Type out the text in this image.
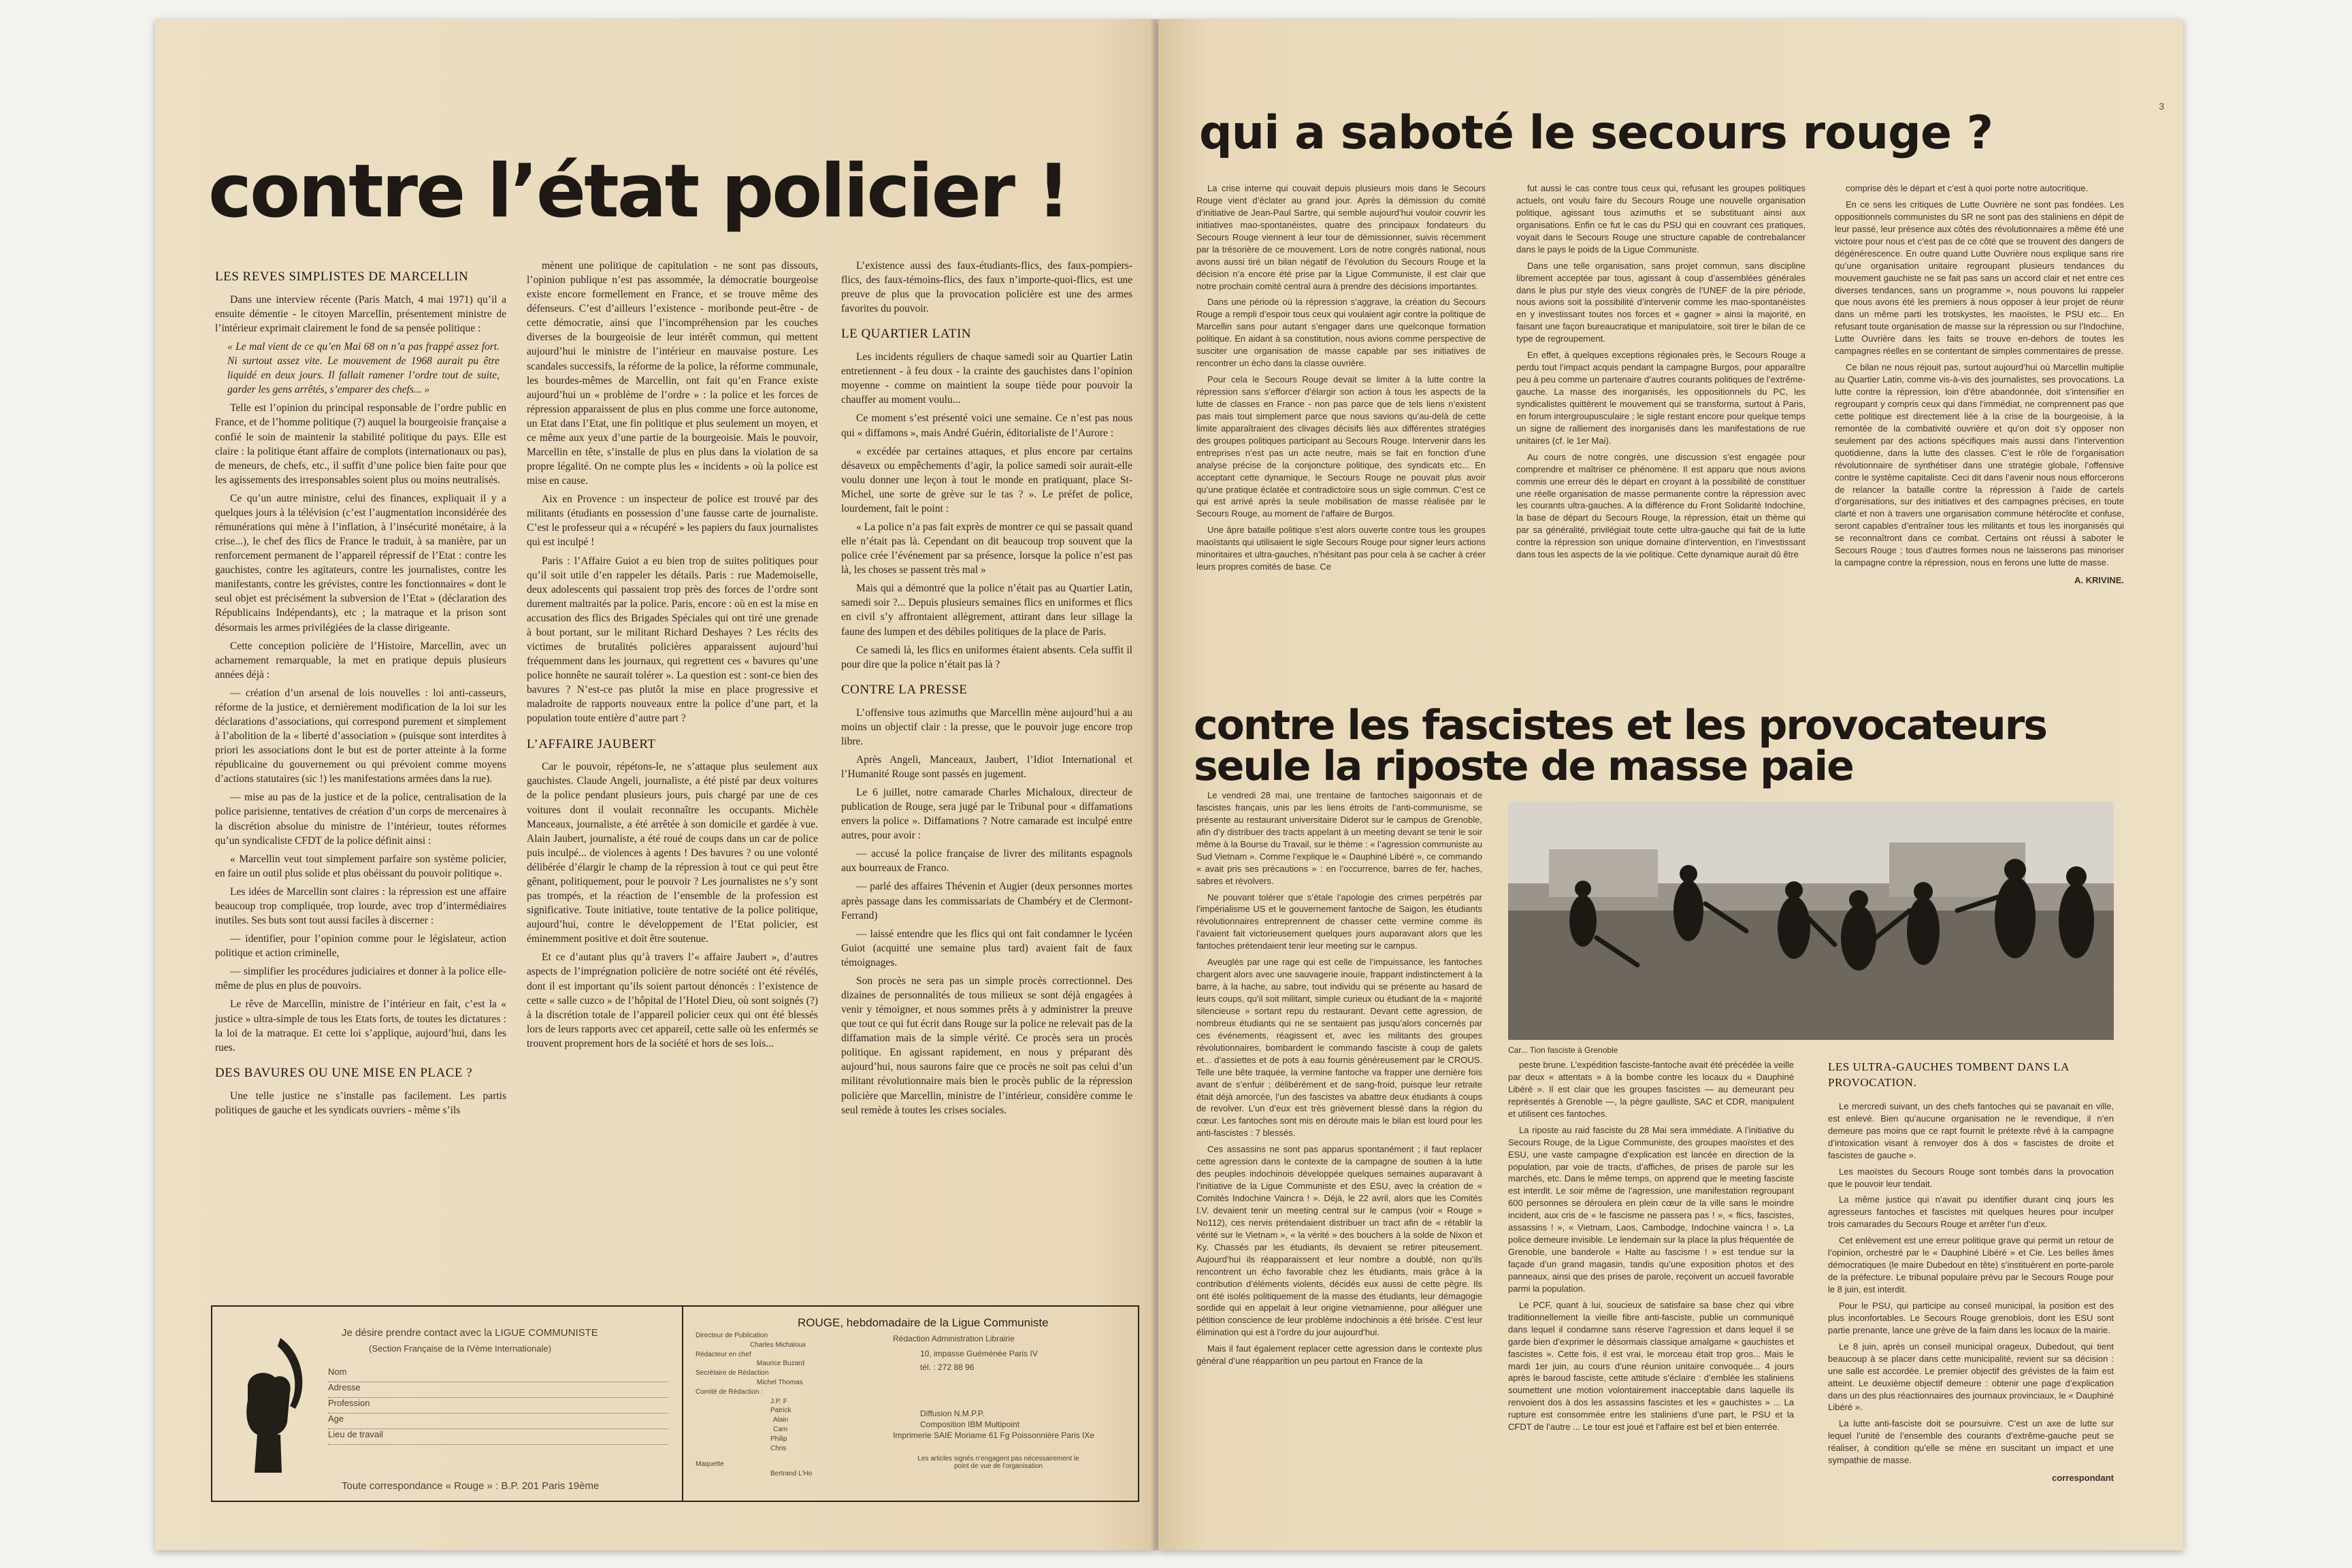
contre l’état policier !
LES REVES SIMPLISTES DE MARCELLIN

Dans une interview récente (Paris Match, 4 mai 1971) qu’il a ensuite démentie - le citoyen Marcellin, présentement ministre de l’intérieur exprimait clairement le fond de sa pensée politique :

« Le mal vient de ce qu’en Mai 68 on n’a pas frappé assez fort. Ni surtout assez vite. Le mouvement de 1968 aurait pu être liquidé en deux jours. Il fallait ramener l’ordre tout de suite, garder les gens arrêtés, s’emparer des chefs... »

Telle est l’opinion du principal responsable de l’ordre public en France, et de l’homme politique (?) auquel la bourgeoisie française a confié le soin de maintenir la stabilité politique du pays. Elle est claire : la politique étant affaire de complots (internationaux ou pas), de meneurs, de chefs, etc., il suffit d’une police bien faite pour que les agissements des irresponsables soient plus ou moins neutralisés.

Ce qu’un autre ministre, celui des finances, expliquait il y a quelques jours à la télévision (c’est l’augmentation inconsidérée des rémunérations qui mène à l’inflation, à l’insécurité monétaire, à la crise...), le chef des flics de France le traduit, à sa manière, par un renforcement permanent de l’appareil répressif de l’Etat : contre les gauchistes, contre les agitateurs, contre les journalistes, contre les manifestants, contre les grévistes, contre les fonctionnaires « dont le seul objet est précisément la subversion de l’Etat » (déclaration des Républicains Indépendants), etc ; la matraque et la prison sont désormais les armes privilégiées de la classe dirigeante.

Cette conception policière de l’Histoire, Marcellin, avec un acharnement remarquable, la met en pratique depuis plusieurs années déjà :

— création d’un arsenal de lois nouvelles : loi anti-casseurs, réforme de la justice, et dernièrement modification de la loi sur les déclarations d’associations, qui correspond purement et simplement à l’abolition de la « liberté d’association » (puisque sont interdites à priori les associations dont le but est de porter atteinte à la forme républicaine du gouvernement ou qui prévoient comme moyens d’actions statutaires (sic !) les manifestations armées dans la rue).

— mise au pas de la justice et de la police, centralisation de la police parisienne, tentatives de création d’un corps de mercenaires à la discrétion absolue du ministre de l’intérieur, toutes réformes qu’un syndicaliste CFDT de la police définit ainsi :

« Marcellin veut tout simplement parfaire son système policier, en faire un outil plus solide et plus obéissant du pouvoir politique ».

Les idées de Marcellin sont claires : la répression est une affaire beaucoup trop compliquée, trop lourde, avec trop d’intermédiaires inutiles. Ses buts sont tout aussi faciles à discerner :

— identifier, pour l’opinion comme pour le législateur, action politique et action criminelle,

— simplifier les procédures judiciaires et donner à la police elle-même de plus en plus de pouvoirs.

Le rêve de Marcellin, ministre de l’intérieur en fait, c’est la « justice » ultra-simple de tous les Etats forts, de toutes les dictatures : la loi de la matraque. Et cette loi s’applique, aujourd’hui, dans les rues.

DES BAVURES OU UNE MISE EN PLACE ?

Une telle justice ne s’installe pas facilement. Les partis politiques de gauche et les syndicats ouvriers - même s’ils

mènent une politique de capitulation - ne sont pas dissouts, l’opinion publique n’est pas assommée, la démocratie bourgeoise existe encore formellement en France, et se trouve même des défenseurs. C’est d’ailleurs l’existence - moribonde peut-être - de cette démocratie, ainsi que l’incompréhension par les couches diverses de la bourgeoisie de leur intérêt commun, qui mettent aujourd’hui le ministre de l’intérieur en mauvaise posture. Les scandales successifs, la réforme de la police, la réforme communale, les bourdes-mêmes de Marcellin, ont fait qu’en France existe aujourd’hui un « problème de l’ordre » : la police et les forces de répression apparaissent de plus en plus comme une force autonome, un Etat dans l’Etat, une fin politique et plus seulement un moyen, et ce même aux yeux d’une partie de la bourgeoisie. Mais le pouvoir, Marcellin en tête, s’installe de plus en plus dans la violation de sa propre légalité. On ne compte plus les « incidents » où la police est mise en cause.

Aix en Provence : un inspecteur de police est trouvé par des militants (étudiants en possession d’une fausse carte de journaliste. C’est le professeur qui a « récupéré » les papiers du faux journalistes qui est inculpé !

Paris : l’Affaire Guiot a eu bien trop de suites politiques pour qu’il soit utile d’en rappeler les détails. Paris : rue Mademoiselle, deux adolescents qui passaient trop près des forces de l’ordre sont durement maltraités par la police. Paris, encore : où en est la mise en accusation des flics des Brigades Spéciales qui ont tiré une grenade à bout portant, sur le militant Richard Deshayes ? Les récits des victimes de brutalités policières apparaissent aujourd’hui fréquemment dans les journaux, qui regrettent ces « bavures qu’une police honnête ne saurait tolérer ». La question est : sont-ce bien des bavures ? N’est-ce pas plutôt la mise en place progressive et maladroite de rapports nouveaux entre la police d’une part, et la population toute entière d’autre part ?

L’AFFAIRE JAUBERT

Car le pouvoir, répétons-le, ne s’attaque plus seulement aux gauchistes. Claude Angeli, journaliste, a été pisté par deux voitures de la police pendant plusieurs jours, puis chargé par une de ces voitures dont il voulait reconnaître les occupants. Michèle Manceaux, journaliste, a été arrêtée à son domicile et gardée à vue. Alain Jaubert, journaliste, a été roué de coups dans un car de police puis inculpé... de violences à agents ! Des bavures ? ou une volonté délibérée d’élargir le champ de la répression à tout ce qui peut être gênant, politiquement, pour le pouvoir ? Les journalistes ne s’y sont pas trompés, et la réaction de l’ensemble de la profession est significative. Toute initiative, toute tentative de la police politique, aujourd’hui, contre le développement de l’Etat policier, est éminemment positive et doit être soutenue.

Et ce d’autant plus qu’à travers l’« affaire Jaubert », d’autres aspects de l’imprégnation policière de notre société ont été révélés, dont il est important qu’ils soient partout dénoncés : l’existence de cette « salle cuzco » de l’hôpital de l’Hotel Dieu, où sont soignés (?) à la discrétion totale de l’appareil policier ceux qui ont été blessés lors de leurs rapports avec cet appareil, cette salle où les enfermés se trouvent proprement hors de la société et hors de ses lois...

L’existence aussi des faux-étudiants-flics, des faux-pompiers-flics, des faux-témoins-flics, des faux n’importe-quoi-flics, est une preuve de plus que la provocation policière est une des armes favorites du pouvoir.

LE QUARTIER LATIN

Les incidents réguliers de chaque samedi soir au Quartier Latin entretiennent - à feu doux - la crainte des gauchistes dans l’opinion moyenne - comme on maintient la soupe tiède pour pouvoir la chauffer au moment voulu...

Ce moment s’est présenté voici une semaine. Ce n’est pas nous qui « diffamons », mais André Guérin, éditorialiste de l’Aurore :

« excédée par certaines attaques, et plus encore par certains désaveux ou empêchements d’agir, la police samedi soir aurait-elle voulu donner une leçon à tout le monde en pratiquant, place St-Michel, une sorte de grève sur le tas ? ». Le préfet de police, lourdement, fait le point :

« La police n’a pas fait exprès de montrer ce qui se passait quand elle n’était pas là. Cependant on dit beaucoup trop souvent que la police crée l’événement par sa présence, lorsque la police n’est pas là, les choses se passent très mal »

Mais qui a démontré que la police n’était pas au Quartier Latin, samedi soir ?... Depuis plusieurs semaines flics en uniformes et flics en civil s’y affrontaient allègrement, attirant dans leur sillage la faune des lumpen et des débiles politiques de la place de Paris.

Ce samedi là, les flics en uniformes étaient absents. Cela suffit il pour dire que la police n’était pas là ?

CONTRE LA PRESSE

L’offensive tous azimuths que Marcellin mène aujourd’hui a au moins un objectif clair : la presse, que le pouvoir juge encore trop libre.

Après Angeli, Manceaux, Jaubert, l’Idiot International et l’Humanité Rouge sont passés en jugement.

Le 6 juillet, notre camarade Charles Michaloux, directeur de publication de Rouge, sera jugé par le Tribunal pour « diffamations envers la police ». Diffamations ? Notre camarade est inculpé entre autres, pour avoir :

— accusé la police française de livrer des militants espagnols aux bourreaux de Franco.

— parlé des affaires Thévenin et Augier (deux personnes mortes après passage dans les commissariats de Chambéry et de Clermont-Ferrand)

— laissé entendre que les flics qui ont fait condamner le lycéen Guiot (acquitté une semaine plus tard) avaient fait de faux témoignages.

Son procès ne sera pas un simple procès correctionnel. Des dizaines de personnalités de tous milieux se sont déjà engagées à venir y témoigner, et nous sommes prêts à y administrer la preuve que tout ce qui fut écrit dans Rouge sur la police ne relevait pas de la diffamation mais de la simple vérité. Ce procès sera un procès politique. En agissant rapidement, en nous y préparant dès aujourd’hui, nous saurons faire que ce procès ne soit pas celui d’un militant révolutionnaire mais bien le procès public de la répression policière que Marcellin, ministre de l’intérieur, considère comme le seul remède à toutes les crises sociales.

Je désire prendre contact avec la LIGUE COMMUNISTE
(Section Française de la IVème Internationale)
Nom
Adresse
Profession
Age
Lieu de travail
Toute correspondance « Rouge » : B.P. 201 Paris 19ème
ROUGE, hebdomadaire de la Ligue Communiste
Directeur de Publication
Charles Michaloux
Rédacteur en chef
Maurice Buzard
Secrétaire de Rédaction
Michel Thomas
Comité de Rédaction :
J.P. F
Patrick
Alain
Cam
Philip
Chris
Maquette
Bertrand L’Ho
Rédaction Administration Librairie
10, impasse Guéménée Paris IV
tél. : 272 88 96
Diffusion N.M.P.P.
Composition IBM Multipoint
Imprimerie SAIE Moriame 61 Fg Poissonnière Paris IXe
Les articles signés n’engagent pas nécessairement le point de vue de l’organisation
3
qui a saboté le secours rouge ?

La crise interne qui couvait depuis plusieurs mois dans le Secours Rouge vient d’éclater au grand jour. Après la démission du comité d’initiative de Jean-Paul Sartre, qui semble aujourd’hui vouloir couvrir les initiatives mao-spontanéistes, quatre des principaux fondateurs du Secours Rouge viennent à leur tour de démissionner, suivis récemment par la trésorière de ce mouvement. Lors de notre congrès national, nous avons aussi tiré un bilan négatif de l’évolution du Secours Rouge et la décision n’a encore été prise par la Ligue Communiste, il est clair que notre prochain comité central aura à prendre des décisions importantes.

Dans une période où la répression s’aggrave, la création du Secours Rouge a rempli d’espoir tous ceux qui voulaient agir contre la politique de Marcellin sans pour autant s’engager dans une quelconque formation politique. En aidant à sa constitution, nous avions comme perspective de susciter une organisation de masse capable par ses initiatives de rencontrer un écho dans la classe ouvrière.

Pour cela le Secours Rouge devait se limiter à la lutte contre la répression sans s’efforcer d’élargir son action à tous les aspects de la lutte de classes en France - non pas parce que de tels liens n’existent pas mais tout simplement parce que nous savions qu’au-delà de cette limite apparaîtraient des clivages décisifs liés aux différentes stratégies des groupes politiques participant au Secours Rouge. Intervenir dans les entreprises n’est pas un acte neutre, mais se fait en fonction d’une analyse précise de la conjoncture politique, des syndicats etc... En acceptant cette dynamique, le Secours Rouge ne pouvait plus avoir qu’une pratique éclatée et contradictoire sous un sigle commun. C’est ce qui est arrivé après la seule mobilisation de masse réalisée par le Secours Rouge, au moment de l’affaire de Burgos.

Une âpre bataille politique s’est alors ouverte contre tous les groupes maoïstants qui utilisaient le sigle Secours Rouge pour signer leurs actions minoritaires et ultra-gauches, n’hésitant pas pour cela à se cacher à créer leurs propres comités de base. Ce

fut aussi le cas contre tous ceux qui, refusant les groupes politiques actuels, ont voulu faire du Secours Rouge une nouvelle organisation politique, agissant tous azimuths et se substituant ainsi aux organisations. Enfin ce fut le cas du PSU qui en couvrant ces pratiques, voyait dans le Secours Rouge une structure capable de contrebalancer dans le pays le poids de la Ligue Communiste.

Dans une telle organisation, sans projet commun, sans discipline librement acceptée par tous, agissant à coup d’assemblées générales dans le plus pur style des vieux congrès de l’UNEF de la pire période, nous avions soit la possibilité d’intervenir comme les mao-spontanéistes en y investissant toutes nos forces et « gagner » ainsi la majorité, en faisant une façon bureaucratique et manipulatoire, soit tirer le bilan de ce type de regroupement.

En effet, à quelques exceptions régionales près, le Secours Rouge a perdu tout l’impact acquis pendant la campagne Burgos, pour apparaître peu à peu comme un partenaire d’autres courants politiques de l’extrême-gauche. La masse des inorganisés, les oppositionnels du PC, les syndicalistes quittèrent le mouvement qui se transforma, surtout à Paris, en forum intergroupusculaire ; le sigle restant encore pour quelque temps un signe de ralliement des inorganisés dans les manifestations de rue unitaires (cf. le 1er Mai).

Au cours de notre congrès, une discussion s’est engagée pour comprendre et maîtriser ce phénomène. Il est apparu que nous avions commis une erreur dès le départ en croyant à la possibilité de constituer une réelle organisation de masse permanente contre la répression avec les courants ultra-gauches. A la différence du Front Solidarité Indochine, la base de départ du Secours Rouge, la répression, était un thème qui par sa généralité, privilégiait toute cette ultra-gauche qui fait de la lutte contre la répression son unique domaine d’intervention, en l’investissant dans tous les aspects de la vie politique. Cette dynamique aurait dû être

comprise dès le départ et c’est à quoi porte notre autocritique.

En ce sens les critiques de Lutte Ouvrière ne sont pas fondées. Les oppositionnels communistes du SR ne sont pas des staliniens en dépit de leur passé, leur présence aux côtés des révolutionnaires a même été une victoire pour nous et c’est pas de ce côté que se trouvent des dangers de dégénérescence. En outre quand Lutte Ouvrière nous explique sans rire qu’une organisation unitaire regroupant plusieurs tendances du mouvement gauchiste ne se fait pas sans un accord clair et net entre ces diverses tendances, sans un programme », nous pouvons lui rappeler que nous avons été les premiers à nous opposer à leur projet de réunir dans un même parti les trotskystes, les maoïstes, le PSU etc... En refusant toute organisation de masse sur la répression ou sur l’Indochine, Lutte Ouvrière dans les faits se trouve en-dehors de toutes les campagnes réelles en se contentant de simples commentaires de presse.

Ce bilan ne nous réjouit pas, surtout aujourd’hui où Marcellin multiplie au Quartier Latin, comme vis-à-vis des journalistes, ses provocations. La lutte contre la répression, loin d’être abandonnée, doit s’intensifier en regroupant y compris ceux qui dans l’immédiat, ne comprennent pas que cette politique est directement liée à la crise de la bourgeoisie, à la remontée de la combativité ouvrière et qu’on doit s’y opposer non seulement par des actions spécifiques mais aussi dans l’intervention quotidienne, dans la lutte des classes. C’est le rôle de l’organisation révolutionnaire de synthétiser dans une stratégie globale, l’offensive contre le système capitaliste. Ceci dit dans l’avenir nous nous efforcerons de relancer la bataille contre la répression à l’aide de cartels d’organisations, sur des initiatives et des campagnes précises, en toute clarté et non à travers une organisation commune hétéroclite et confuse, seront capables d’entraîner tous les militants et tous les inorganisés qui se reconnaîtront dans ce combat. Certains ont réussi à saboter le Secours Rouge ; tous d’autres formes nous ne laisserons pas minoriser la campagne contre la répression, nous en ferons une lutte de masse.

A. KRIVINE.
contre les fascistes et les provocateurs
seule la riposte de masse paie

Le vendredi 28 mai, une trentaine de fantoches saigonnais et de fascistes français, unis par les liens étroits de l’anti-communisme, se présente au restaurant universitaire Diderot sur le campus de Grenoble, afin d’y distribuer des tracts appelant à un meeting devant se tenir le soir même à la Bourse du Travail, sur le thème : « l’agression communiste au Sud Vietnam ». Comme l’explique le « Dauphiné Libéré », ce commando « avait pris ses précautions » : en l’occurrence, barres de fer, haches, sabres et révolvers.

Ne pouvant tolérer que s’étale l’apologie des crimes perpétrés par l’impérialisme US et le gouvernement fantoche de Saigon, les étudiants révolutionnaires entreprennent de chasser cette vermine comme ils l’avaient fait victorieusement quelques jours auparavant alors que les fantoches prétendaient tenir leur meeting sur le campus.

Aveuglés par une rage qui est celle de l’impuissance, les fantoches chargent alors avec une sauvagerie inouïe, frappant indistinctement à la barre, à la hache, au sabre, tout individu qui se présente au hasard de leurs coups, qu’il soit militant, simple curieux ou étudiant de la « majorité silencieuse » sortant repu du restaurant. Devant cette agression, de nombreux étudiants qui ne se sentaient pas jusqu’alors concernés par ces événements, réagissent et, avec les militants des groupes révolutionnaires, bombardent le commando fasciste à coup de galets et... d’assiettes et de pots à eau fournis généreusement par le CROUS. Telle une bête traquée, la vermine fantoche va frapper une dernière fois avant de s’enfuir ; délibérément et de sang-froid, puisque leur retraite était déjà amorcée, l’un des fascistes va abattre deux étudiants à coups de revolver. L’un d’eux est très grièvement blessé dans la région du cœur. Les fantoches sont mis en déroute mais le bilan est lourd pour les anti-fascistes : 7 blessés.

Ces assassins ne sont pas apparus spontanément ; il faut replacer cette agression dans le contexte de la campagne de soutien à la lutte des peuples indochinois développée quelques semaines auparavant à l’initiative de la Ligue Communiste et des ESU, avec la création de « Comités Indochine Vaincra ! ». Déjà, le 22 avril, alors que les Comités I.V. devaient tenir un meeting central sur le campus (voir « Rouge » No112), ces nervis prétendaient distribuer un tract afin de « rétablir la vérité sur le Vietnam », « la vérité » des bouchers à la solde de Nixon et Ky. Chassés par les étudiants, ils devaient se retirer piteusement. Aujourd’hui ils réapparaissent et leur nombre a doublé, non qu’ils rencontrent un écho favorable chez les étudiants, mais grâce à la contribution d’éléments violents, décidés eux aussi de cette pègre. Ils ont été isolés politiquement de la masse des étudiants, leur démagogie sordide qui en appelait à leur origine vietnamienne, pour alléguer une pétition conscience de leur problème indochinois a été brisée. C’est leur élimination qui est à l’ordre du jour aujourd’hui.

Mais il faut également replacer cette agression dans le contexte plus général d’une réapparition un peu partout en France de la

Car... Tion fasciste à Grenoble

peste brune. L’expédition fasciste-fantoche avait été précédée la veille par deux « attentats » à la bombe contre les locaux du « Dauphiné Libéré ». Il est clair que les groupes fascistes — au demeurant peu représentés à Grenoble —, la pègre gaulliste, SAC et CDR, manipulent et utilisent ces fantoches.

La riposte au raid fasciste du 28 Mai sera immédiate. A l’initiative du Secours Rouge, de la Ligue Communiste, des groupes maoïstes et des ESU, une vaste campagne d’explication est lancée en direction de la population, par voie de tracts, d’affiches, de prises de parole sur les marchés, etc. Dans le même temps, on apprend que le meeting fasciste est interdit. Le soir même de l’agression, une manifestation regroupant 600 personnes se déroulera en plein cœur de la ville sans le moindre incident, aux cris de « le fascisme ne passera pas ! », « flics, fascistes, assassins ! », « Vietnam, Laos, Cambodge, Indochine vaincra ! ». La police demeure invisible. Le lendemain sur la place la plus fréquentée de Grenoble, une banderole « Halte au fascisme ! » est tendue sur la façade d’un grand magasin, tandis qu’une exposition photos et des panneaux, ainsi que des prises de parole, reçoivent un accueil favorable parmi la population.

Le PCF, quant à lui, soucieux de satisfaire sa base chez qui vibre traditionnellement la vieille fibre anti-fasciste, publie un communiqué dans lequel il condamne sans réserve l’agression et dans lequel il se garde bien d’exprimer le désormais classique amalgame « gauchistes et fascistes ». Cette fois, il est vrai, le morceau était trop gros... Mais le mardi 1er juin, au cours d’une réunion unitaire convoquée... 4 jours après le baroud fasciste, cette attitude s’éclaire : d’emblée les staliniens soumettent une motion volontairement inacceptable dans laquelle ils renvoient dos à dos les assassins fascistes et les « gauchistes » ... La rupture est consommée entre les staliniens d’une part, le PSU et la CFDT de l’autre ... Le tour est joué et l’affaire est bel et bien enterrée.

LES ULTRA-GAUCHES TOMBENT DANS LA PROVOCATION.

Le mercredi suivant, un des chefs fantoches qui se pavanait en ville, est enlevé. Bien qu’aucune organisation ne le revendique, il n’en demeure pas moins que ce rapt fournit le prétexte rêvé à la campagne d’intoxication visant à renvoyer dos à dos « fascistes de droite et fascistes de gauche ».

Les maoïstes du Secours Rouge sont tombés dans la provocation que le pouvoir leur tendait.

La même justice qui n’avait pu identifier durant cinq jours les agresseurs fantoches et fascistes mit quelques heures pour inculper trois camarades du Secours Rouge et arrêter l’un d’eux.

Cet enlèvement est une erreur politique grave qui permit un retour de l’opinion, orchestré par le « Dauphiné Libéré » et Cie. Les belles âmes démocratiques (le maire Dubedout en tête) s’instituèrent en porte-parole de la préfecture. Le tribunal populaire prévu par le Secours Rouge pour le 8 juin, est interdit.

Pour le PSU, qui participe au conseil municipal, la position est des plus inconfortables. Le Secours Rouge grenoblois, dont les ESU sont partie prenante, lance une grève de la faim dans les locaux de la mairie.

Le 8 juin, après un conseil municipal orageux, Dubedout, qui tient beaucoup à se placer dans cette municipalité, revient sur sa décision : une salle est accordée. Le premier objectif des grévistes de la faim est atteint. Le deuxième objectif demeure : obtenir une page d’explication dans un des plus réactionnaires des journaux provinciaux, le « Dauphiné Libéré ».

La lutte anti-fasciste doit se poursuivre. C’est un axe de lutte sur lequel l’unité de l’ensemble des courants d’extrême-gauche peut se réaliser, à condition qu’elle se mène en suscitant un impact et une sympathie de masse.

correspondant
